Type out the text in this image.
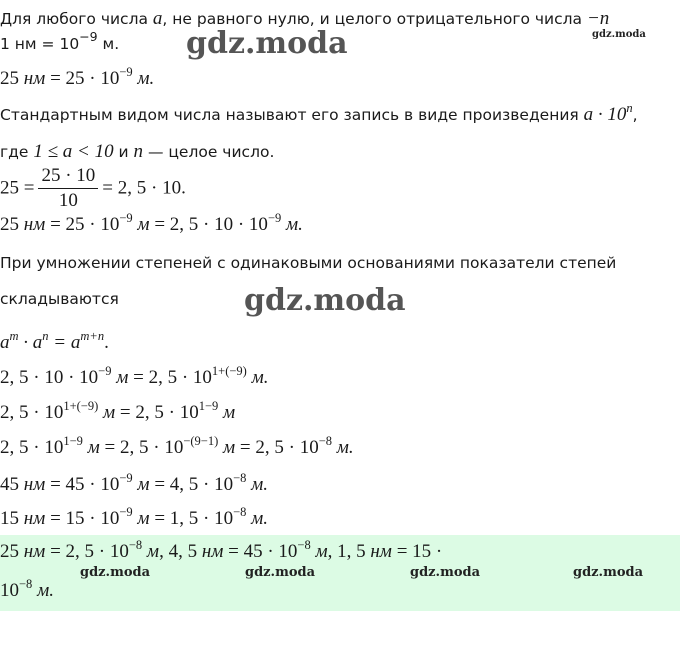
Для любого числа a, не равного нулю, и целого отрицательного числа −n
1 нм = $10^{-9}$ м.
25 нм = $25 \cdot 10^{-9}$ м.
Стандартным видом числа называют его запись в виде произведения $a \cdot 10^n$,
где 1 ≤ a < 10 и n — целое число.
$25 = \frac{25 \cdot 10}{10} = 2$, 5 · 10.
25 нм = $25 \cdot 10^{-9}$ м = 2, $5 \cdot 10 \cdot 10^{-9}$ м.
При умножении степеней с одинаковыми основаниями показатели степей
складываются
$a^m \cdot a^n = a^{m+n}$.
2, $5 \cdot 10 \cdot 10^{-9}$ м = 2, $5 \cdot 10^{1+(-9)}$ м.
2, $5 \cdot 10^{1+(-9)}$ м = 2, $5 \cdot 10^{1-9}$ м
2, $5 \cdot 10^{1-9}$ м = 2, $5 \cdot 10^{-(9-1)}$ м = 2, $5 \cdot 10^{-8}$ м.
45 нм = $45 \cdot 10^{-9}$ м = 4, $5 \cdot 10^{-8}$ м.
15 нм = $15 \cdot 10^{-9}$ м = 1, $5 \cdot 10^{-8}$ м.
25 нм = 2, $5 \cdot 10^{-8}$ м, 4, 5 нм = $45 \cdot 10^{-8}$ м, 1, 5 нм = 15 ·
$10^{-8}$ м.
gdz.moda	gdz.moda
gdz.moda
gdz.moda	gdz.moda	gdz.moda	gdz.moda
